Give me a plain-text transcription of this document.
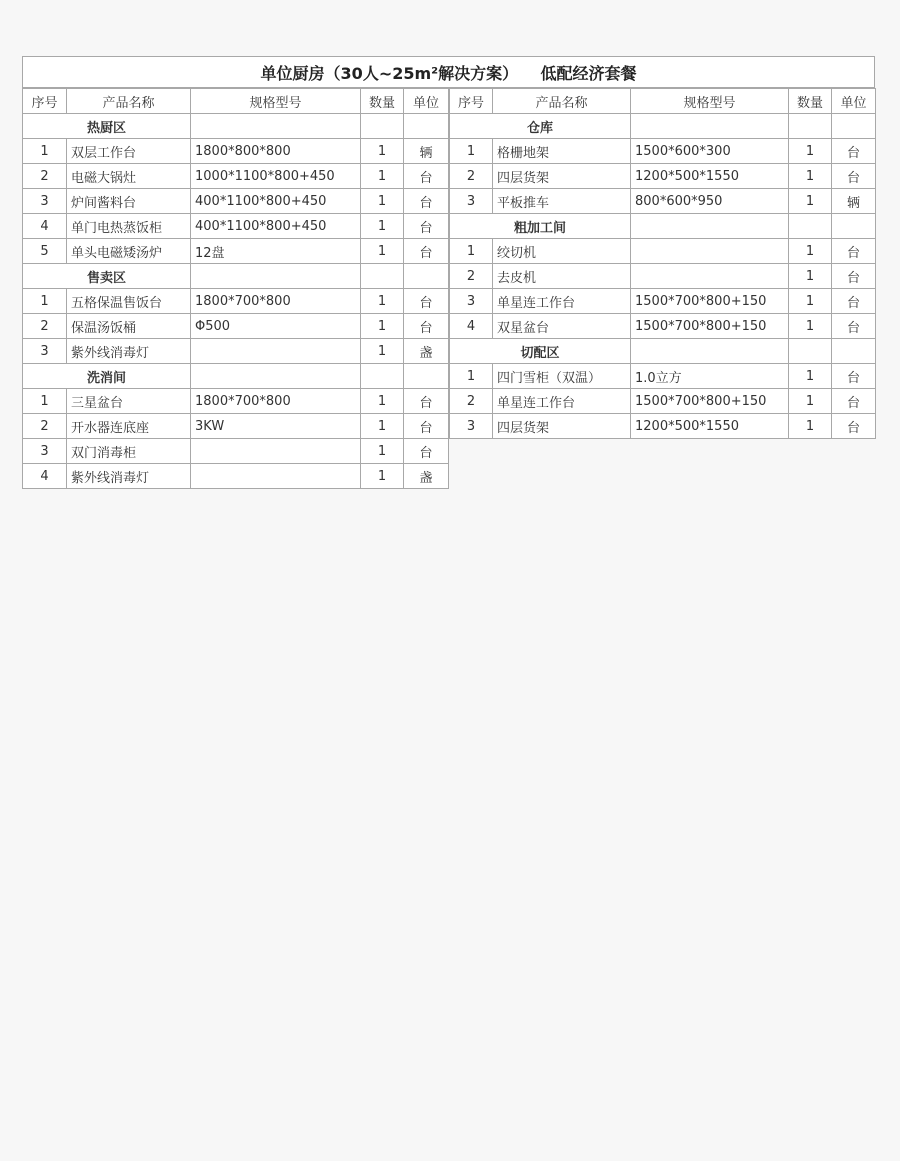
单位厨房（30人~25m²解决方案）    低配经济套餐
序号	产品名称	规格型号	数量	单位
热厨区				
1	双层工作台	1800*800*800	1	辆
2	电磁大锅灶	1000*1100*800+450	1	台
3	炉间酱料台	400*1100*800+450	1	台
4	单门电热蒸饭柜	400*1100*800+450	1	台
5	单头电磁矮汤炉	12盘	1	台
售卖区				
1	五格保温售饭台	1800*700*800	1	台
2	保温汤饭桶	Φ500	1	台
3	紫外线消毒灯		1	盏
洗消间				
1	三星盆台	1800*700*800	1	台
2	开水器连底座	3KW	1	台
3	双门消毒柜		1	台
4	紫外线消毒灯		1	盏
序号	产品名称	规格型号	数量	单位
仓库				
1	格栅地架	1500*600*300	1	台
2	四层货架	1200*500*1550	1	台
3	平板推车	800*600*950	1	辆
粗加工间				
1	绞切机		1	台
2	去皮机		1	台
3	单星连工作台	1500*700*800+150	1	台
4	双星盆台	1500*700*800+150	1	台
切配区				
1	四门雪柜（双温）	1.0立方	1	台
2	单星连工作台	1500*700*800+150	1	台
3	四层货架	1200*500*1550	1	台
